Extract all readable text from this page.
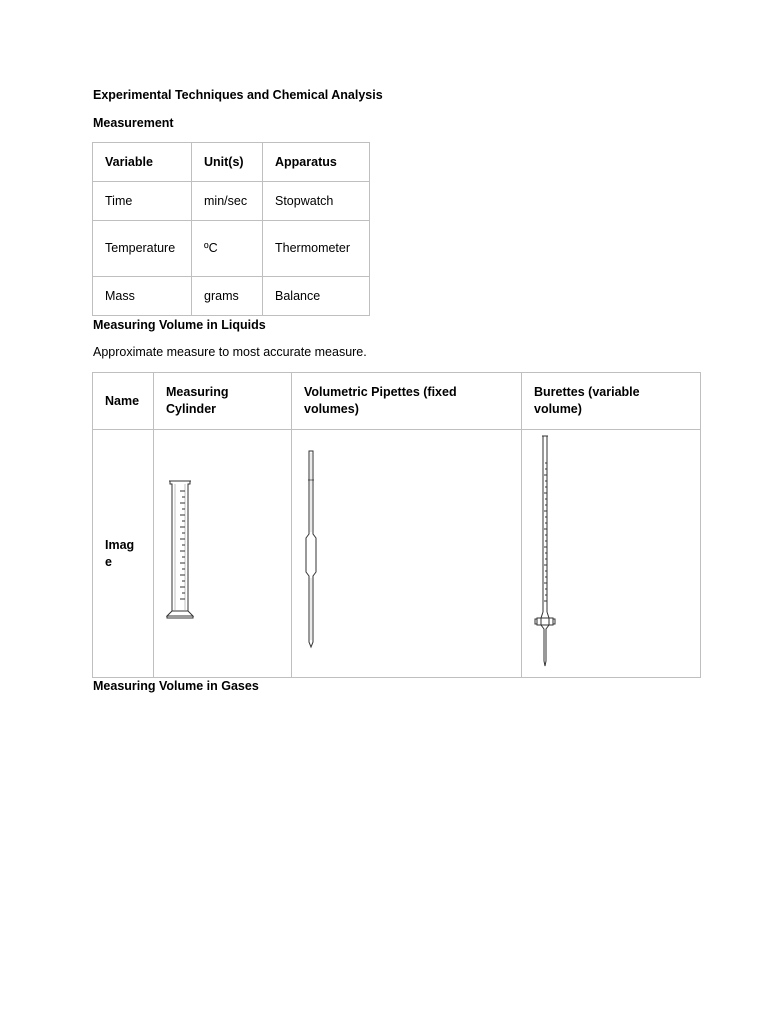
Experimental Techniques and Chemical Analysis
Measurement
Variable	Unit(s)	Apparatus
Time	min/sec	Stopwatch
Temperature	ºC	Thermometer
Mass	grams	Balance
Measuring Volume in Liquids
Approximate measure to most accurate measure.
Name	Measuring Cylinder	Volumetric Pipettes (fixed volumes)	Burettes (variable volume)
Image	

Measuring Volume in Gases
